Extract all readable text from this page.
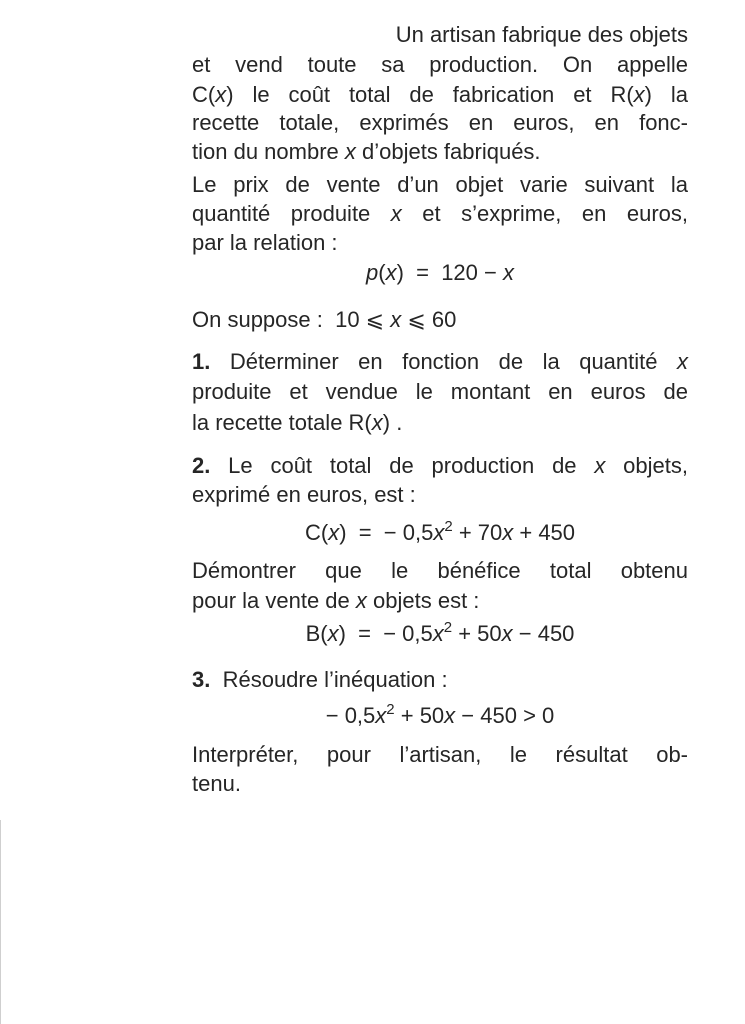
Un artisan fabrique des objets
et vend toute sa production. On appelle
C(x) le coût total de fabrication et R(x) la
recette totale, exprimés en euros, en fonc-
tion du nombre x d’objets fabriqués.
Le prix de vente d’un objet varie suivant la
quantité produite x et s’exprime, en euros,
par la relation :
p(x)  =  120 − x
On suppose :  10 ⩽ x ⩽ 60
1. Déterminer en fonction de la quantité x
produite et vendue le montant en euros de
la recette totale R(x) .
2. Le coût total de production de x objets,
exprimé en euros, est :
C(x)  =  − $0,5x^2 + 70x + 450$
Démontrer que le bénéfice total obtenu
pour la vente de x objets est :
B(x)  =  − $0,5x^2 + 50x - 450$
3.  Résoudre l’inéquation :
− $0,5x^2 + 50x - 450 > 0$
Interpréter, pour l’artisan, le résultat ob-
tenu.
